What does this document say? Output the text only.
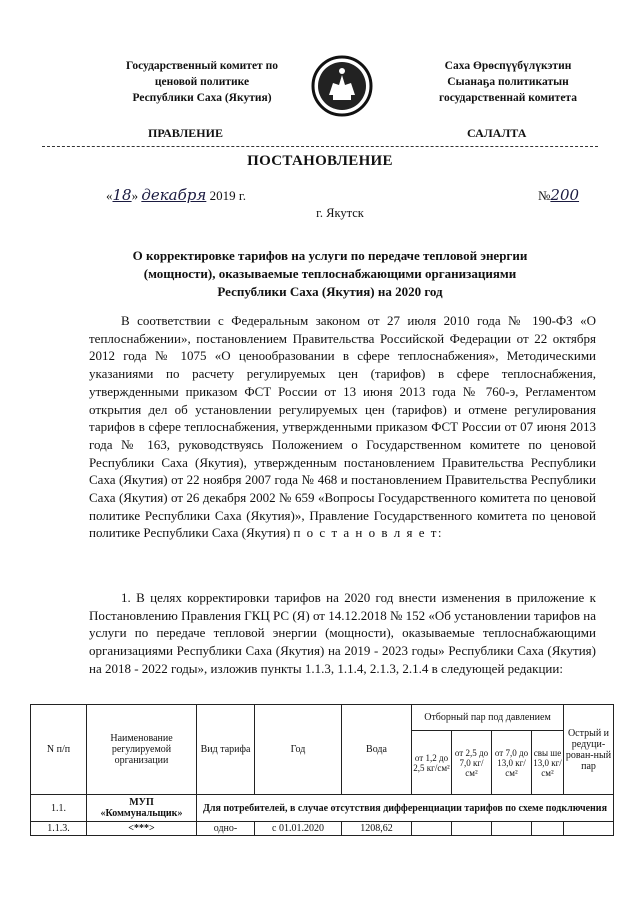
Государственный комитет по
ценовой политике
Республики Саха (Якутия)
Саха Өрөспүүбүлүкэтин
Сыанаҕа политикатын
государственнай комитета
ПРАВЛЕНИЕ	САЛАЛТА
ПОСТАНОВЛЕНИЕ
«18» декабря 2019 г.	№200
г. Якутск
О корректировке тарифов на услуги по передаче тепловой энергии
(мощности), оказываемые теплоснабжающими организациями
Республики Саха (Якутия) на 2020 год
В соответствии с Федеральным законом от 27 июля 2010 года № 190-ФЗ «О теплоснабжении», постановлением Правительства Российской Федерации от 22 октября 2012 года № 1075 «О ценообразовании в сфере теплоснабжения», Методическими указаниями по расчету регулируемых цен (тарифов) в сфере теплоснабжения, утвержденными приказом ФСТ России от 13 июня 2013 года № 760-э, Регламентом открытия дел об установлении регулируемых цен (тарифов) и отмене регулирования тарифов в сфере теплоснабжения, утвержденными приказом ФСТ России от 07 июня 2013 года № 163, руководствуясь Положением о Государственном комитете по ценовой Республики Саха (Якутия), утвержденным постановлением Правительства Республики Саха (Якутия) от 22 ноября 2007 года № 468 и постановлением Правительства Республики Саха (Якутия) от 26 декабря 2002 № 659 «Вопросы Государственного комитета по ценовой политике Республики Саха (Якутия)», Правление Государственного комитета по ценовой политике Республики Саха (Якутия) п о с т а н о в л я е т:
1. В целях корректировки тарифов на 2020 год внести изменения в приложение к Постановлению Правления ГКЦ РС (Я) от 14.12.2018 № 152 «Об установлении тарифов на услуги по передаче тепловой энергии (мощности), оказываемые теплоснабжающими организациями Республики Саха (Якутия) на 2019 - 2023 годы» Республики Саха (Якутия) на 2018 - 2022 годы», изложив пункты 1.1.3, 1.1.4, 2.1.3, 2.1.4 в следующей редакции:
N п/п	Наименование регулируемой организации	Вид тарифа	Год	Вода	Отборный пар под давлением				Острый и редуци-рован-ный пар
					от 1,2 до 2,5 кг/см²	от 2,5 до 7,0 кг/ см²	от 7,0 до 13,0 кг/ см²	свы ше 13,0 кг/ см²	
1.1.	МУП «Коммунальщик»	Для потребителей, в случае отсутствия дифференциации тарифов по схеме подключения							
1.1.3.	<***>	одно-	с 01.01.2020	1208,62					
